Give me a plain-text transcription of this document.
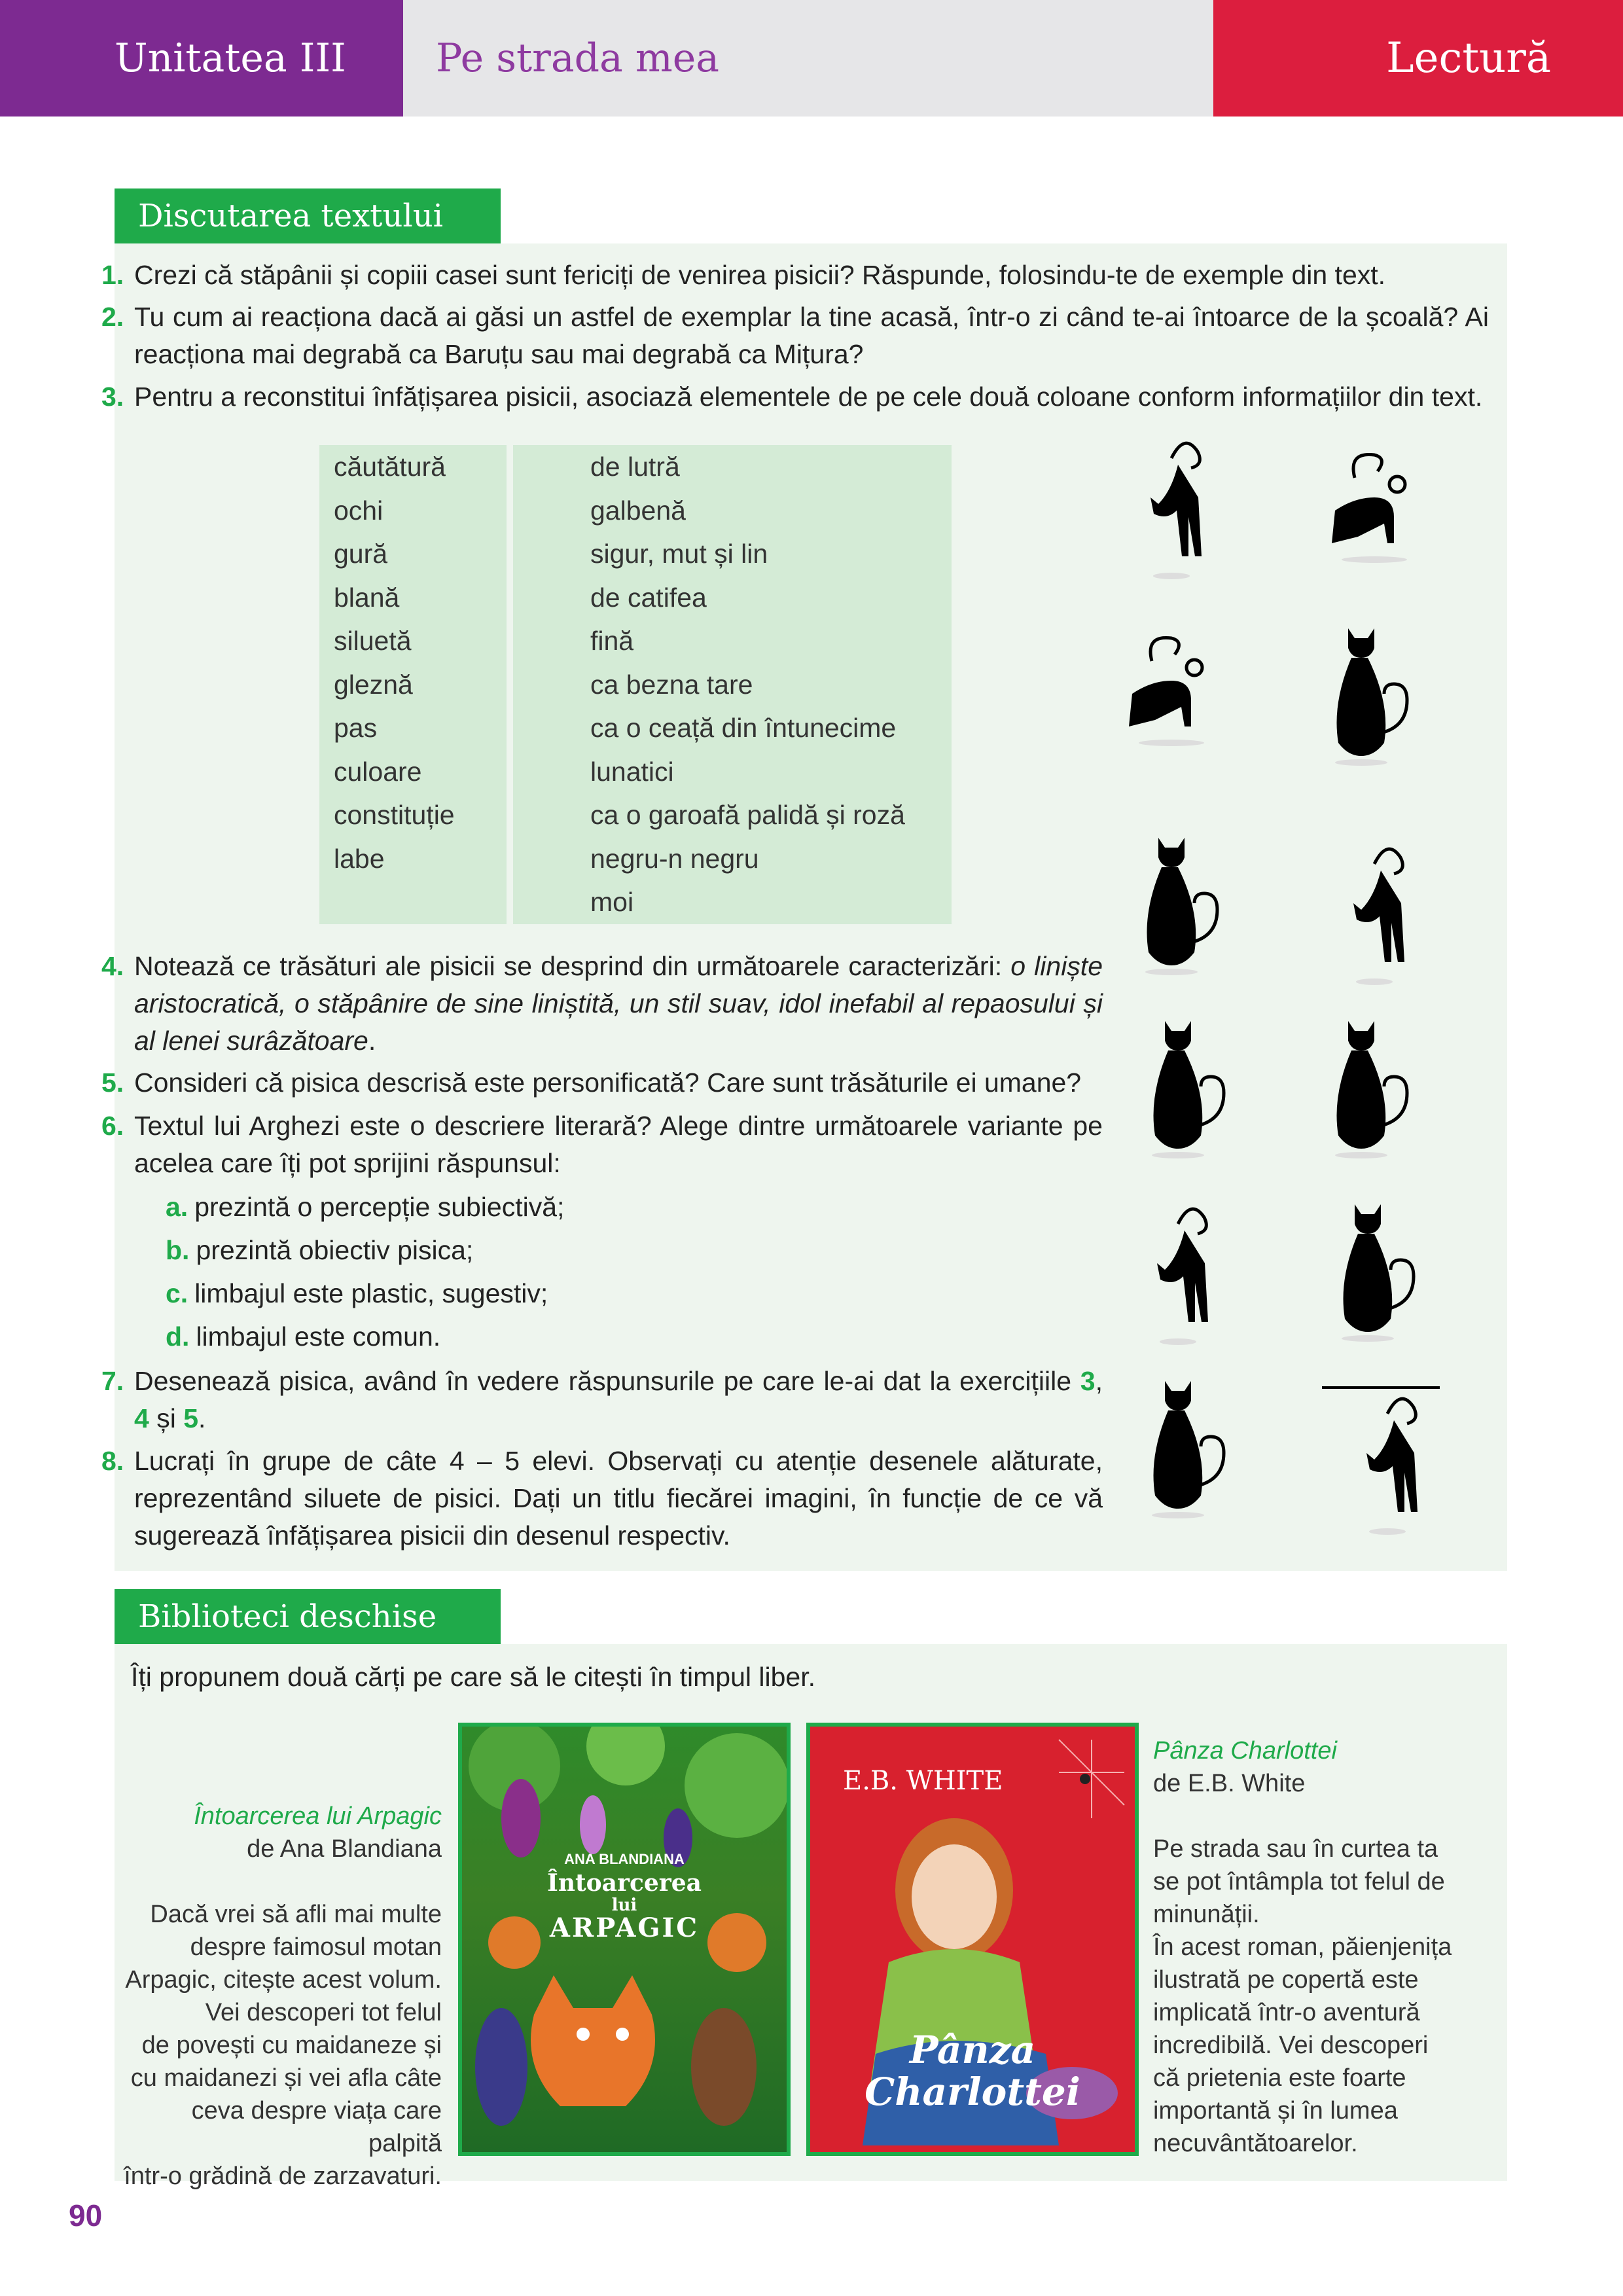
Unitatea III	Pe strada mea	Lectură
Discutarea textului
1. Crezi că stăpânii și copiii casei sunt fericiți de venirea pisicii? Răspunde, folosindu-te de exemple din text.
2. Tu cum ai reacționa dacă ai găsi un astfel de exemplar la tine acasă, într-o zi când te-ai întoarce de la școală? Ai reacționa mai degrabă ca Baruțu sau mai degrabă ca Mițura?
3. Pentru a reconstitui înfățișarea pisicii, asociază elementele de pe cele două coloane conform informațiilor din text.
căutătură
ochi
gură
blană
siluetă
gleznă
pas
culoare
constituție
labe
de lutră
galbenă
sigur, mut și lin
de catifea
fină
ca bezna tare
ca o ceață din întunecime
lunatici
ca o garoafă palidă și roză
negru-n negru
moi
4. Notează ce trăsături ale pisicii se desprind din următoarele caracterizări: o liniște aristocratică, o stăpânire de sine liniștită, un stil suav, idol inefabil al repaosului și al lenei surâzătoare.
5. Consideri că pisica descrisă este personificată? Care sunt trăsăturile ei umane?
6. Textul lui Arghezi este o descriere literară? Alege dintre următoarele variante pe acelea care îți pot sprijini răspunsul:
a. prezintă o percepție subiectivă;
b. prezintă obiectiv pisica;
c. limbajul este plastic, sugestiv;
d. limbajul este comun.
7. Desenează pisica, având în vedere răspunsurile pe care le-ai dat la exercițiile 3, 4 și 5.
8. Lucrați în grupe de câte 4 – 5 elevi. Observați cu atenție desenele alăturate, reprezentând siluete de pisici. Dați un titlu fiecărei imagini, în funcție de ce vă sugerează înfățișarea pisicii din desenul respectiv.
Biblioteci deschise
Îți propunem două cărți pe care să le citești în timpul liber.
Întoarcerea lui Arpagic
de Ana Blandiana
Dacă vrei să afli mai multe
despre faimosul motan
Arpagic, citește acest volum.
Vei descoperi tot felul
de povești cu maidaneze și
cu maidanezi și vei afla câte
ceva despre viața care palpită
într-o grădină de zarzavaturi.
ANA BLANDIANA
Întoarcerea
lui
ARPAGIC
E.B. WHITE
Pânza
Charlottei
Pânza Charlottei
de E.B. White
Pe strada sau în curtea ta
se pot întâmpla tot felul de
minunății.
În acest roman, păienjenița
ilustrată pe copertă este
implicată într-o aventură
incredibilă. Vei descoperi
că prietenia este foarte
importantă și în lumea
necuvântătoarelor.
90
